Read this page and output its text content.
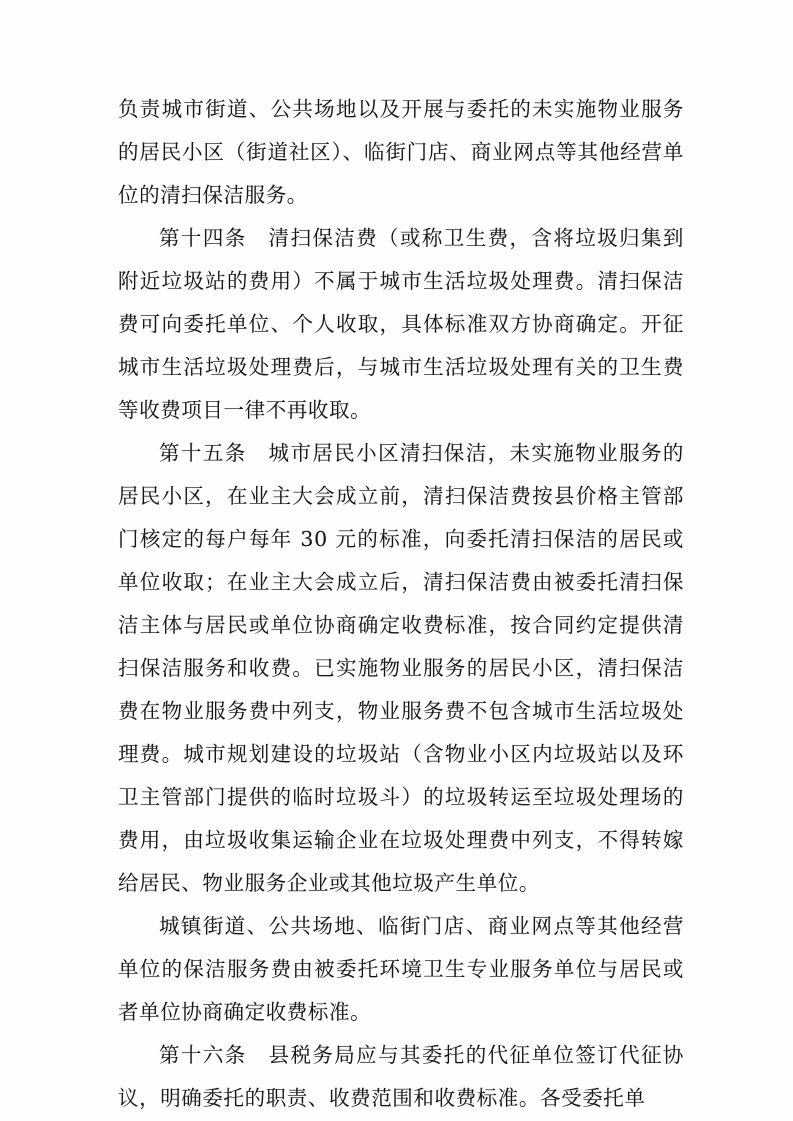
负责城市街道、公共场地以及开展与委托的未实施物业服务的居民小区（街道社区）、临街门店、商业网点等其他经营单位的清扫保洁服务。

第十四条　清扫保洁费（或称卫生费，含将垃圾归集到附近垃圾站的费用）不属于城市生活垃圾处理费。清扫保洁费可向委托单位、个人收取，具体标准双方协商确定。开征城市生活垃圾处理费后，与城市生活垃圾处理有关的卫生费等收费项目一律不再收取。

第十五条　城市居民小区清扫保洁，未实施物业服务的居民小区，在业主大会成立前，清扫保洁费按县价格主管部门核定的每户每年 30 元的标准，向委托清扫保洁的居民或单位收取；在业主大会成立后，清扫保洁费由被委托清扫保洁主体与居民或单位协商确定收费标准，按合同约定提供清扫保洁服务和收费。已实施物业服务的居民小区，清扫保洁费在物业服务费中列支，物业服务费不包含城市生活垃圾处理费。城市规划建设的垃圾站（含物业小区内垃圾站以及环卫主管部门提供的临时垃圾斗）的垃圾转运至垃圾处理场的费用，由垃圾收集运输企业在垃圾处理费中列支，不得转嫁给居民、物业服务企业或其他垃圾产生单位。

城镇街道、公共场地、临街门店、商业网点等其他经营单位的保洁服务费由被委托环境卫生专业服务单位与居民或者单位协商确定收费标准。

第十六条　县税务局应与其委托的代征单位签订代征协议，明确委托的职责、收费范围和收费标准。各受委托单
